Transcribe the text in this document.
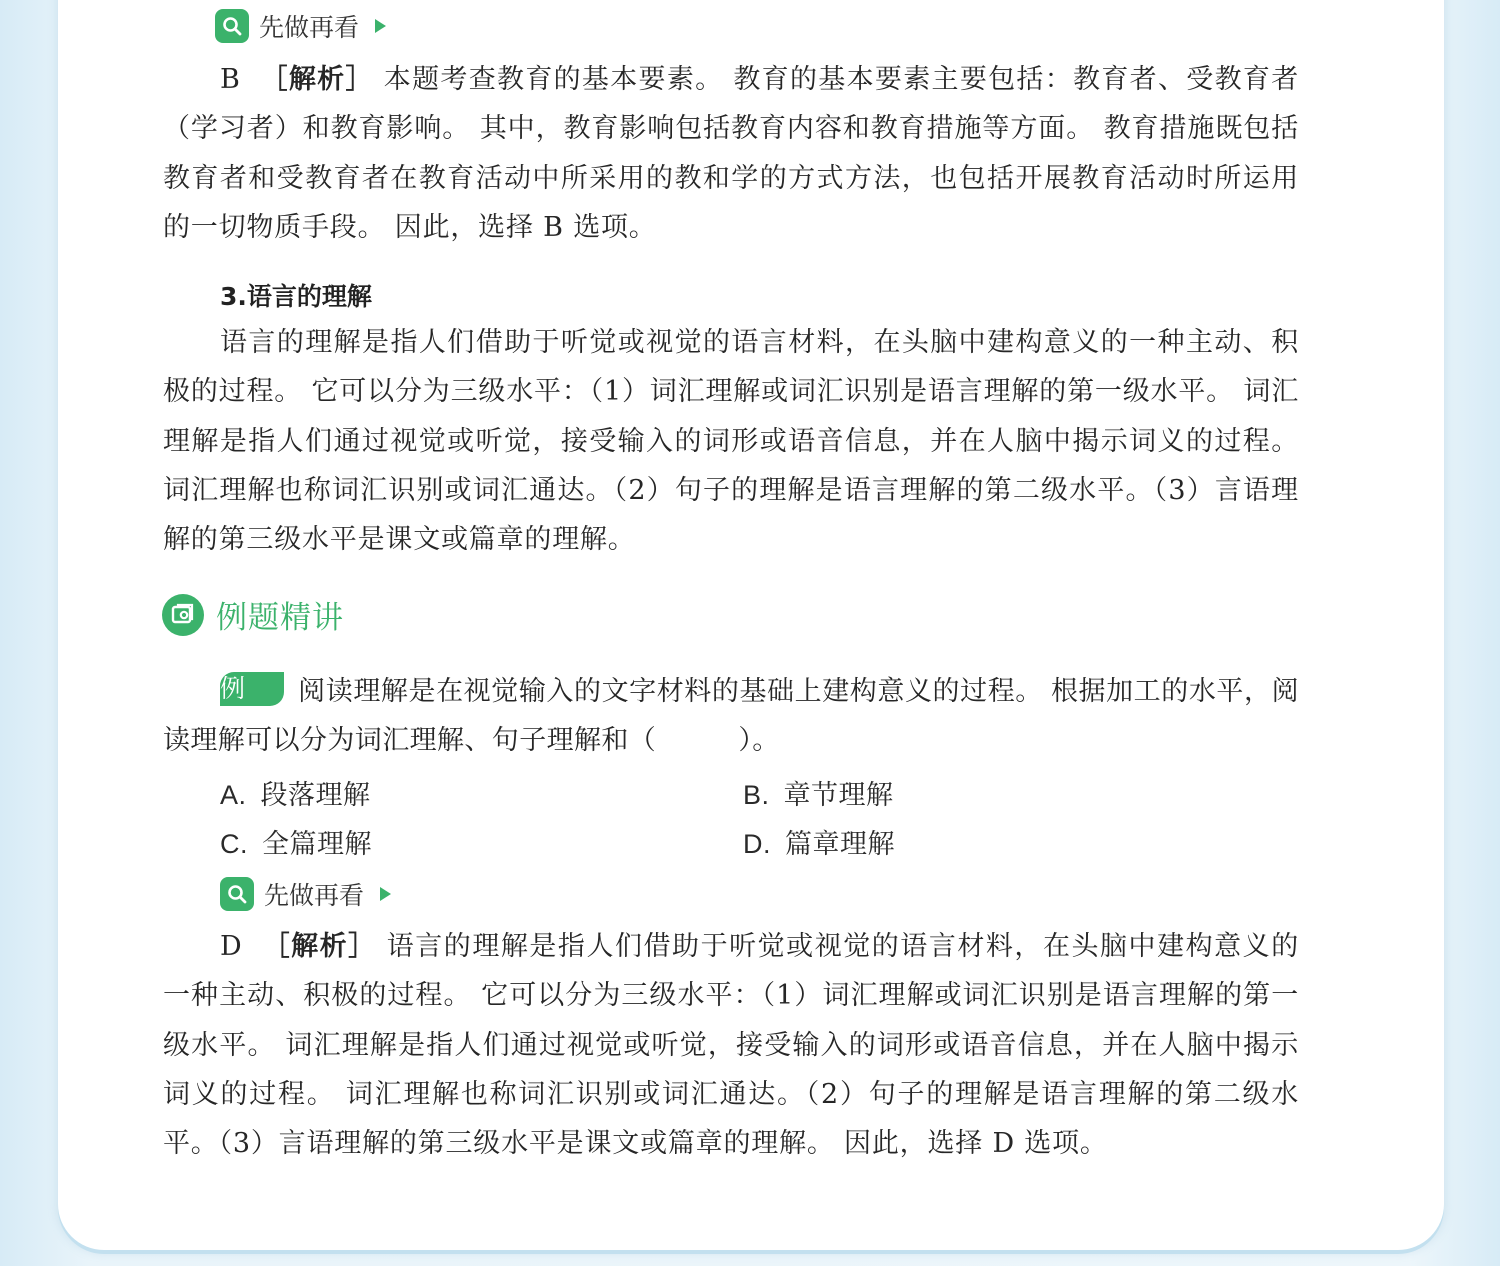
先做再看
B ［解析］ 本题考查教育的基本要素。 教育的基本要素主要包括：教育者、受教育者（学习者）和教育影响。 其中，教育影响包括教育内容和教育措施等方面。 教育措施既包括教育者和受教育者在教育活动中所采用的教和学的方式方法，也包括开展教育活动时所运用的一切物质手段。 因此，选择 B 选项。
3.语言的理解
语言的理解是指人们借助于听觉或视觉的语言材料，在头脑中建构意义的一种主动、积极的过程。 它可以分为三级水平：（1）词汇理解或词汇识别是语言理解的第一级水平。 词汇理解是指人们通过视觉或听觉，接受输入的词形或语音信息，并在人脑中揭示词义的过程。 词汇理解也称词汇识别或词汇通达。（2）句子的理解是语言理解的第二级水平。（3）言语理解的第三级水平是课文或篇章的理解。
例题精讲
例 阅读理解是在视觉输入的文字材料的基础上建构意义的过程。 根据加工的水平，阅读理解可以分为词汇理解、句子理解和（　　　）。
A. 段落理解	B. 章节理解
C. 全篇理解	D. 篇章理解
先做再看
D ［解析］ 语言的理解是指人们借助于听觉或视觉的语言材料，在头脑中建构意义的一种主动、积极的过程。 它可以分为三级水平：（1）词汇理解或词汇识别是语言理解的第一级水平。 词汇理解是指人们通过视觉或听觉，接受输入的词形或语音信息，并在人脑中揭示词义的过程。 词汇理解也称词汇识别或词汇通达。（2）句子的理解是语言理解的第二级水平。（3）言语理解的第三级水平是课文或篇章的理解。 因此，选择 D 选项。
